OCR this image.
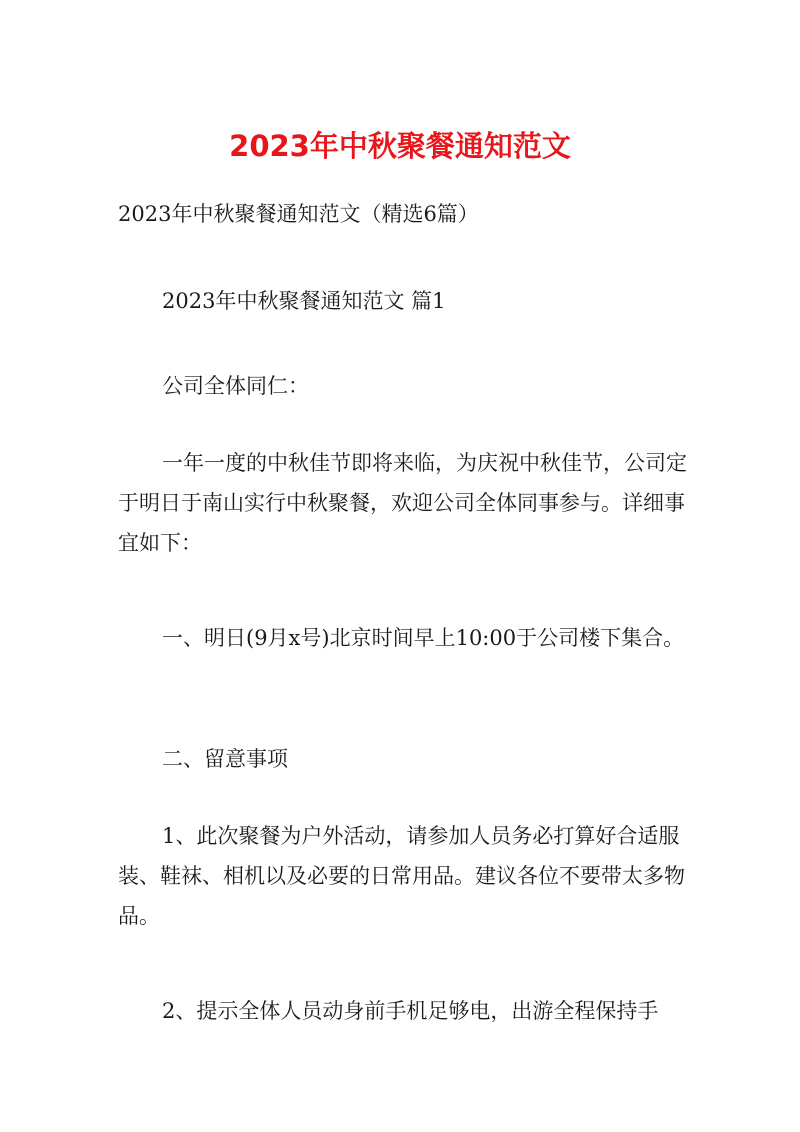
2023年中秋聚餐通知范文

2023年中秋聚餐通知范文（精选6篇）

2023年中秋聚餐通知范文 篇1

公司全体同仁：

一年一度的中秋佳节即将来临，为庆祝中秋佳节，公司定于明日于南山实行中秋聚餐，欢迎公司全体同事参与。详细事宜如下：

一、明日(9月x号)北京时间早上10:00于公司楼下集合。

二、留意事项

1、此次聚餐为户外活动，请参加人员务必打算好合适服装、鞋袜、相机以及必要的日常用品。建议各位不要带太多物品。

2、提示全体人员动身前手机足够电，出游全程保持手
